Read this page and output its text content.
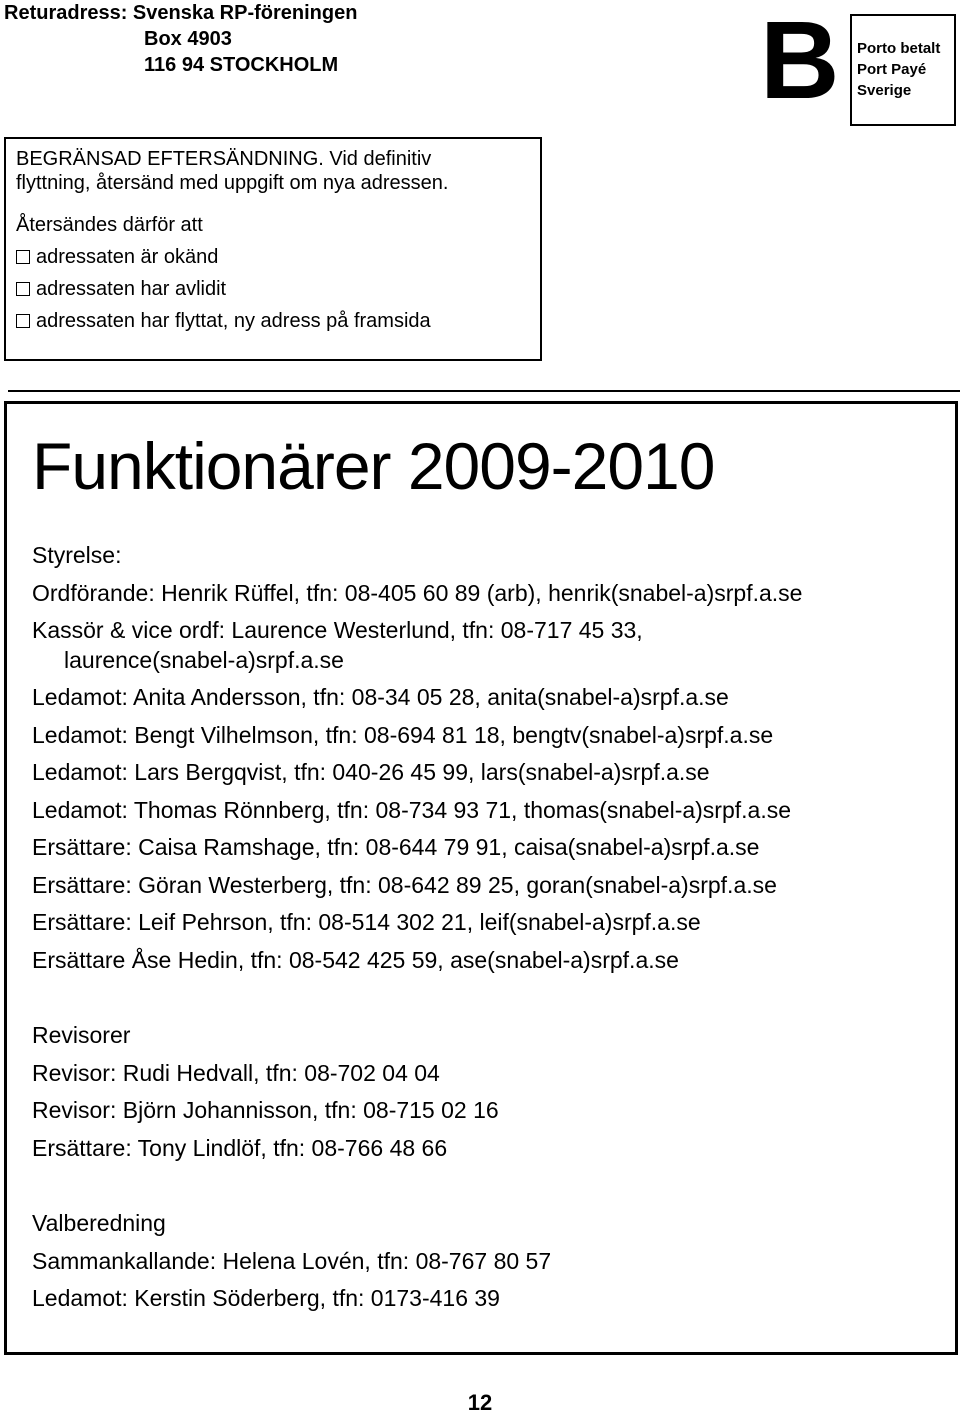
Returadress: Svenska RP-föreningen
Box 4903
116 94 STOCKHOLM	B Porto betalt
Port Payé
Sverige
BEGRÄNSAD EFTERSÄNDNING. Vid definitiv
flyttning, återsänd med uppgift om nya adressen.
Återsändes därför att
adressaten är okänd
adressaten har avlidit
adressaten har flyttat, ny adress på framsida
Funktionärer 2009-2010
Styrelse:
Ordförande: Henrik Rüffel, tfn: 08-405 60 89 (arb), henrik(snabel-a)srpf.a.se
Kassör & vice ordf: Laurence Westerlund, tfn: 08-717 45 33,
laurence(snabel-a)srpf.a.se
Ledamot: Anita Andersson, tfn: 08-34 05 28, anita(snabel-a)srpf.a.se
Ledamot: Bengt Vilhelmson, tfn: 08-694 81 18, bengtv(snabel-a)srpf.a.se
Ledamot: Lars Bergqvist, tfn: 040-26 45 99, lars(snabel-a)srpf.a.se
Ledamot: Thomas Rönnberg, tfn: 08-734 93 71, thomas(snabel-a)srpf.a.se
Ersättare: Caisa Ramshage, tfn: 08-644 79 91, caisa(snabel-a)srpf.a.se
Ersättare: Göran Westerberg, tfn: 08-642 89 25, goran(snabel-a)srpf.a.se
Ersättare: Leif Pehrson, tfn: 08-514 302 21, leif(snabel-a)srpf.a.se
Ersättare Åse Hedin, tfn: 08-542 425 59, ase(snabel-a)srpf.a.se
Revisorer
Revisor: Rudi Hedvall, tfn: 08-702 04 04
Revisor: Björn Johannisson, tfn: 08-715 02 16
Ersättare: Tony Lindlöf, tfn: 08-766 48 66
Valberedning
Sammankallande: Helena Lovén, tfn: 08-767 80 57
Ledamot: Kerstin Söderberg, tfn: 0173-416 39
12
